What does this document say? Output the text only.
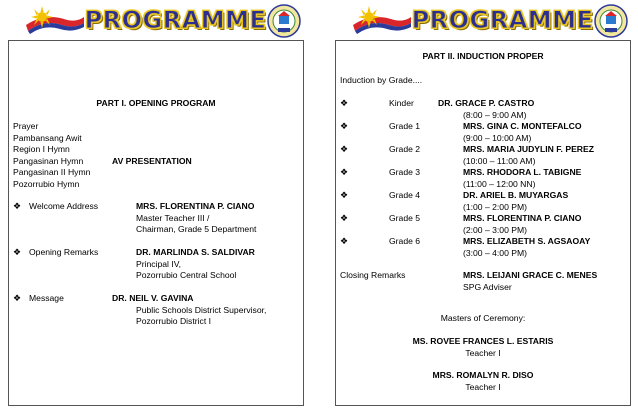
PROGRAMME
PART I. OPENING PROGRAM
Prayer
Pambansang Awit
Region I Hymn
Pangasinan Hymn
Pangasinan II Hymn
Pozorrubio Hymn
AV PRESENTATION
❖ Welcome Address	MRS. FLORENTINA P. CIANO
Master Teacher III /
Chairman, Grade 5 Department
❖ Opening Remarks	DR. MARLINDA S. SALDIVAR
Principal IV,
Pozorrubio Central School
❖ Message	DR. NEIL V. GAVINA
Public Schools District Supervisor,
Pozorrubio District I
PROGRAMME
PART II. INDUCTION PROPER
Induction by Grade....
❖	Kinder	DR. GRACE P. CASTRO
(8:00 – 9:00 AM)
❖	Grade 1	MRS. GINA C. MONTEFALCO
(9:00 – 10:00 AM)
❖	Grade 2	MRS. MARIA JUDYLIN F. PEREZ
(10:00 – 11:00 AM)
❖	Grade 3	MRS. RHODORA L. TABIGNE
(11:00 – 12:00 NN)
❖	Grade 4	DR. ARIEL B. MUYARGAS
(1:00 – 2:00 PM)
❖	Grade 5	MRS. FLORENTINA P. CIANO
(2:00 – 3:00 PM)
❖	Grade 6	MRS. ELIZABETH S. AGSAOAY
(3:00 – 4:00 PM)
Closing Remarks	MRS. LEIJANI GRACE C. MENES
SPG Adviser
Masters of Ceremony:
MS. ROVEE FRANCES L. ESTARIS
Teacher I
MRS. ROMALYN R. DISO
Teacher I
